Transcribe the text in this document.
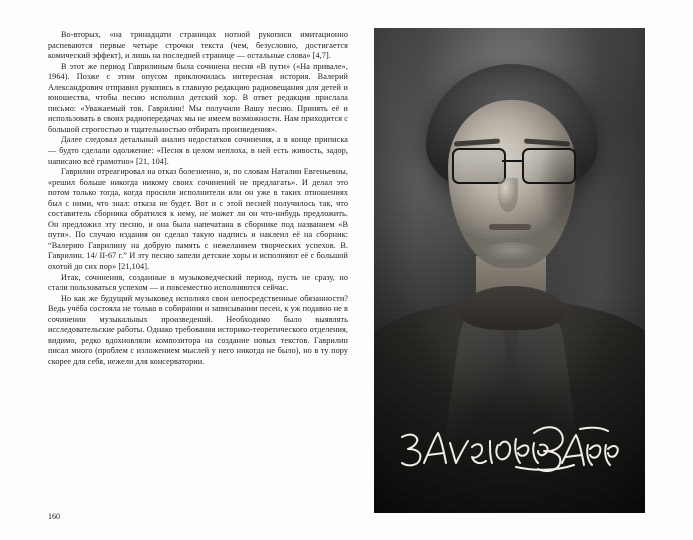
Во-вторых, «на тринадцати страницах нотной рукописи имитационно распеваются первые четыре строчки текста (чем, безусловно, достигается комический эффект), и лишь на последней странице — остальные слова» [4,7].

В этот же период Гаврилиным была сочинена песня «В пути» («На привале», 1964). Позже с этим опусом приключилась интересная история. Валерий Александрович отправил рукопись в главную редакцию радиовещания для детей и юношества, чтобы песню исполнил детский хор. В ответ редакция прислала письмо: «Уважаемый тов. Гаврилин! Мы получили Вашу песню. Принять её и использовать в своих радиопередачах мы не имеем возможности. Нам приходится с большой строгостью и тщательностью отбирать произведения».

Далее следовал детальный анализ недостатков сочинения, а в конце приписка — будто сделали одолжение: «Песня в целом неплоха, в ней есть живость, задор, написано всё грамотно» [21, 104].

Гаврилин отреагировал на отказ болезненно, и, по словам Наталии Евгеньевны, «решил больше никогда никому своих сочинений не предлагать». И делал это потом только тогда, когда просили исполнители или он уже в таких отношениях был с ними, что знал: отказа не будет. Вот и с этой песней получилось так, что составитель сборника обратился к нему, не может ли он что-нибудь предложить. Он предложил эту песню, и она была напечатана в сборнике под названием «В пути». По случаю издания он сделал такую надпись и наклеил её на сборник: “Валерию Гаврилину на добрую память с нежеланием творческих успехов. В. Гаврилин. 14/ II-67 г.” И эту песню запели детские хоры и исполняют её с большой охотой до сих пор» [21,104].

Итак, сочинения, созданные в музыковедческий период, пусть не сразу, но стали пользоваться успехом — и повсеместно исполняются сейчас.

Но как же будущий музыковед исполнял свои непосредственные обязанности? Ведь учёба состояла не только в собирании и записывании песен, к уж подавно не в сочинении музыкальных произведений. Необходимо было выявлять исследовательские работы. Однако требования историко-теоретического отделения, видимо, редко вдохновляли композитора на создание новых текстов. Гаврилин писал много (проблем с изложением мыслей у него никогда не было), но в ту пору скорее для себя, нежели для консерватории.

160
